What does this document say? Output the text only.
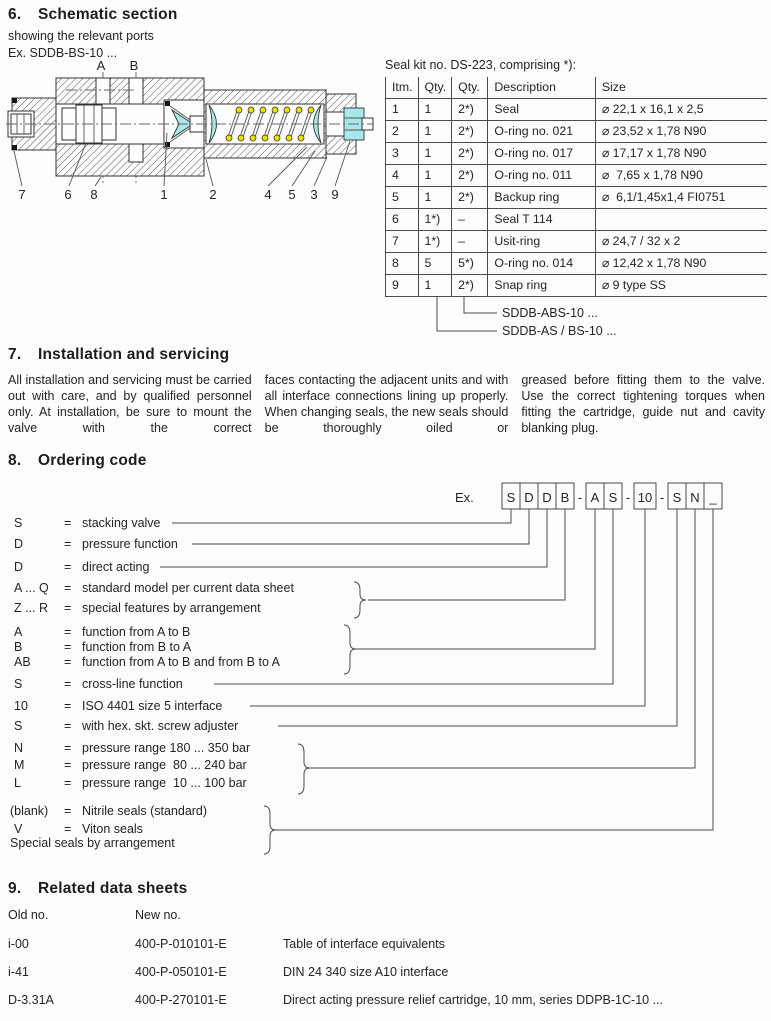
6. Schematic section
showing the relevant ports
Ex. SDDB-BS-10 ...
A B
7	6 8	1	2	4 5 3 9
Seal kit no. DS-223, comprising *):
Itm.	Qty.	Qty.	Description	Size
1	1	2*)	Seal	⌀ 22,1 x 16,1 x 2,5
2	1	2*)	O-ring no. 021	⌀ 23,52 x 1,78 N90
3	1	2*)	O-ring no. 017	⌀ 17,17 x 1,78 N90
4	1	2*)	O-ring no. 011	⌀  7,65 x 1,78 N90
5	1	2*)	Backup ring	⌀  6,1/1,45x1,4 FI0751
6	1*)	–	Seal T 114	
7	1*)	–	Usit-ring	⌀ 24,7 / 32 x 2
8	5	5*)	O-ring no. 014	⌀ 12,42 x 1,78 N90
9	1	2*)	Snap ring	⌀ 9 type SS
SDDB-ABS-10 ...
SDDB-AS / BS-10 ...
7. Installation and servicing
All installation and servicing must be carried out with care, and by qualified personnel only. At installation, be sure to mount the valve with the correct
faces contacting the adjacent units and with all interface connections lining up properly. When changing seals, the new seals should be thoroughly oiled or
greased before fitting them to the valve. Use the correct tightening torques when fitting the cartridge, guide nut and cavity blanking plug.
8. Ordering code
Ex.	S D D B - A S - 10 - S N _
S	= stacking valve
D	= pressure function
D	= direct acting
A ... Q = standard model per current data sheet
Z ... R = special features by arrangement
A	= function from A to B
B	= function from B to A
AB	= function from A to B and from B to A
S	= cross-line function
10	= ISO 4401 size 5 interface
S	= with hex. skt. screw adjuster
N	= pressure range 180 ... 350 bar
M	= pressure range  80 ... 240 bar
L	= pressure range  10 ... 100 bar
(blank) = Nitrile seals (standard)
V	= Viton seals
Special seals by arrangement
9. Related data sheets
Old no.	New no.
i-00	400-P-010101-E	Table of interface equivalents
i-41	400-P-050101-E	DIN 24 340 size A10 interface
D-3.31A	400-P-270101-E	Direct acting pressure relief cartridge, 10 mm, series DDPB-1C-10 ...
